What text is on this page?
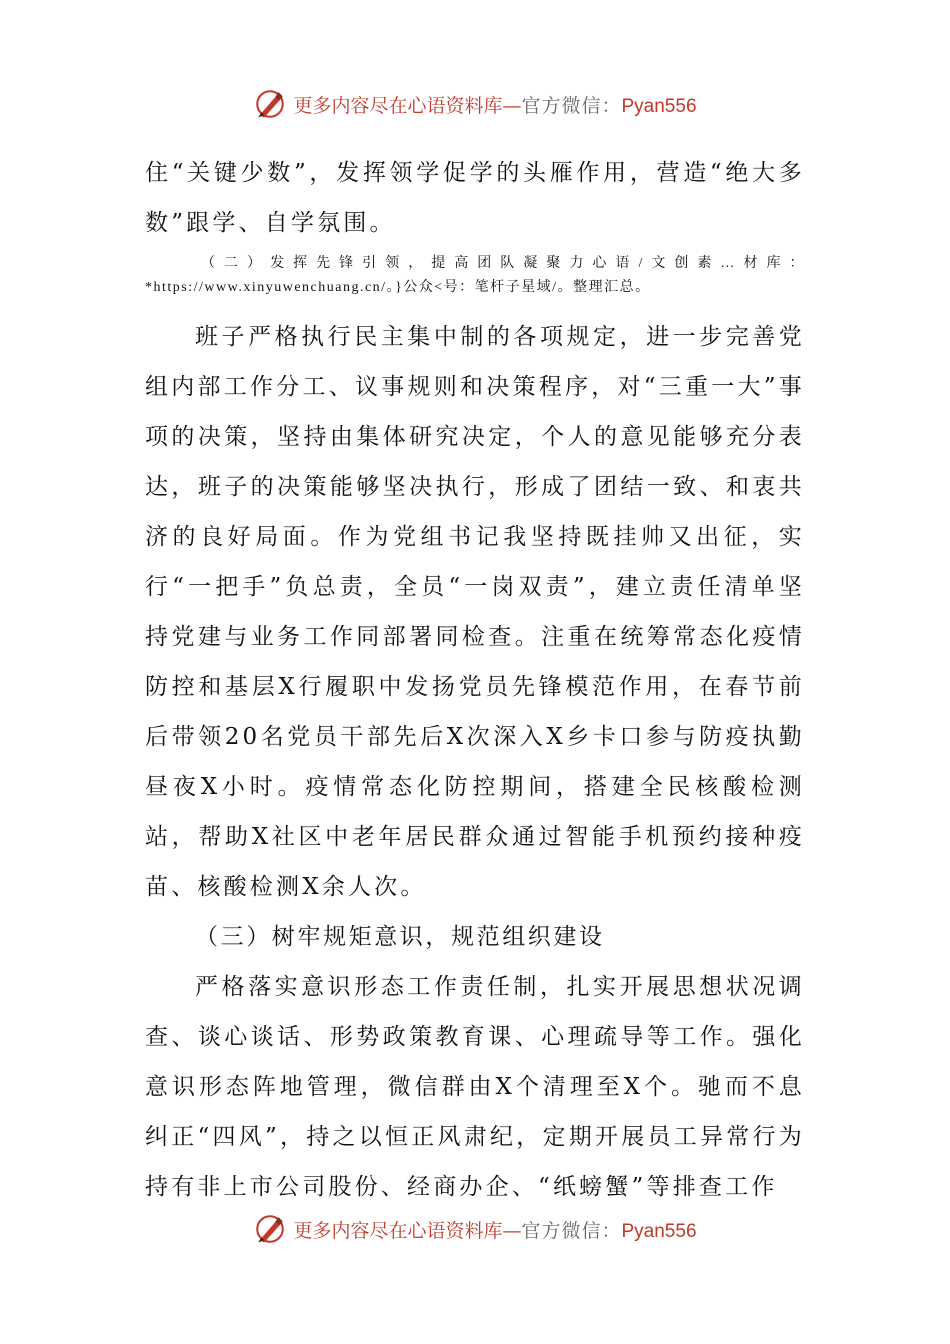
更多内容尽在心语资料库—官方微信：Pyan556

住“关键少数”，发挥领学促学的头雁作用，营造“绝大多数”跟学、自学氛围。

（二）发挥先锋引领，提高团队凝聚力心语/文创素…材库：*https://www.xinyuwenchuang.cn/。}公众<号：笔杆子星域/。整理汇总。

班子严格执行民主集中制的各项规定，进一步完善党组内部工作分工、议事规则和决策程序，对“三重一大”事项的决策，坚持由集体研究决定，个人的意见能够充分表达，班子的决策能够坚决执行，形成了团结一致、和衷共济的良好局面。作为党组书记我坚持既挂帅又出征，实行“一把手”负总责，全员“一岗双责”，建立责任清单坚持党建与业务工作同部署同检查。注重在统筹常态化疫情防控和基层X行履职中发扬党员先锋模范作用，在春节前后带领20名党员干部先后X次深入X乡卡口参与防疫执勤昼夜X小时。疫情常态化防控期间，搭建全民核酸检测站，帮助X社区中老年居民群众通过智能手机预约接种疫苗、核酸检测X余人次。

（三）树牢规矩意识，规范组织建设

严格落实意识形态工作责任制，扎实开展思想状况调查、谈心谈话、形势政策教育课、心理疏导等工作。强化意识形态阵地管理，微信群由X个清理至X个。驰而不息纠正“四风”，持之以恒正风肃纪，定期开展员工异常行为持有非上市公司股份、经商办企、“纸螃蟹”等排查工作

更多内容尽在心语资料库—官方微信：Pyan556
